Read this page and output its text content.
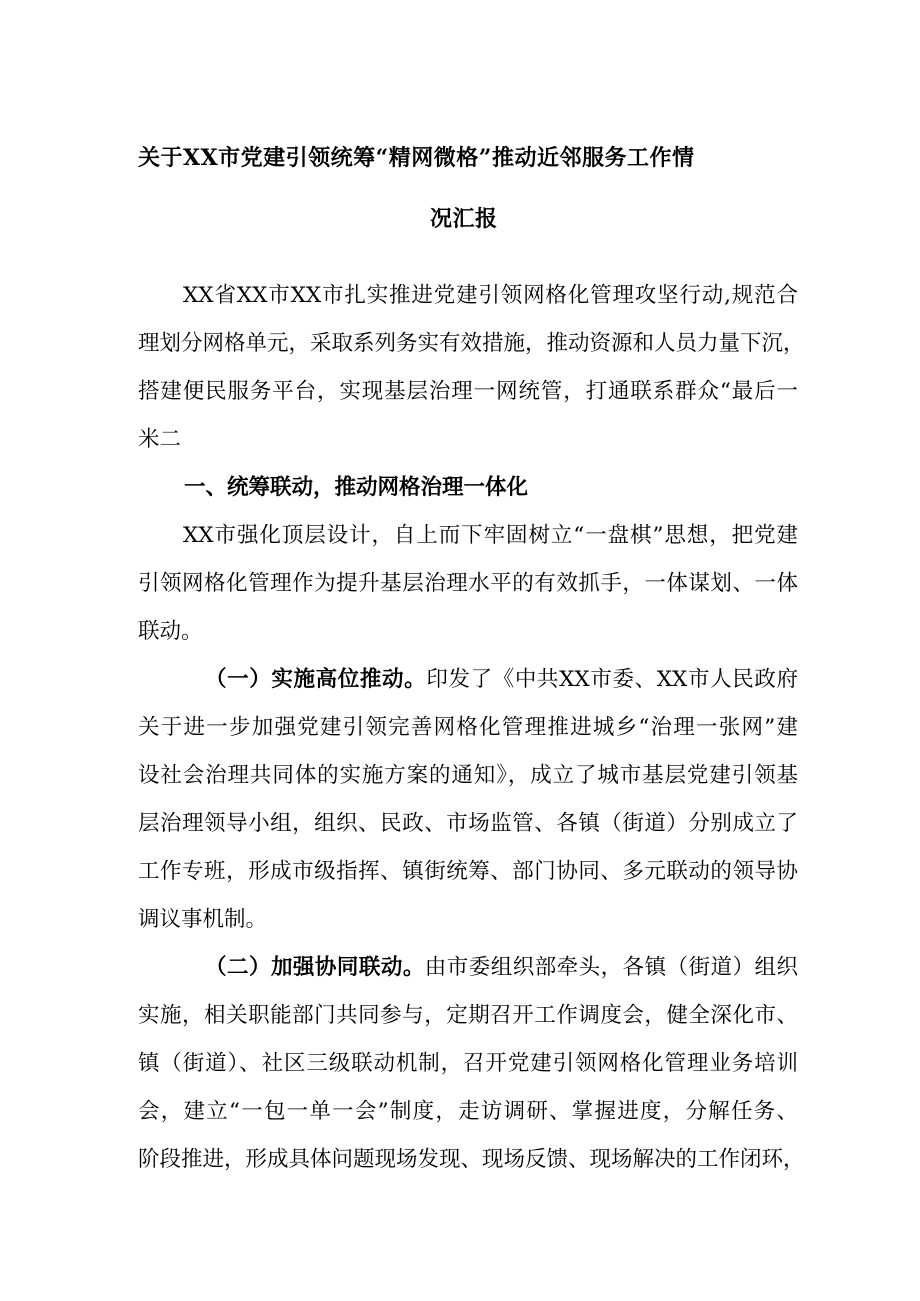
关于XX市党建引领统筹“精网微格”推动近邻服务工作情
况汇报
XX省XX市XX市扎实推进党建引领网格化管理攻坚行动,规范合
理划分网格单元，采取系列务实有效措施，推动资源和人员力量下沉，
搭建便民服务平台，实现基层治理一网统管，打通联系群众“最后一
米二
一、统筹联动，推动网格治理一体化
XX市强化顶层设计，自上而下牢固树立“一盘棋”思想，把党建
引领网格化管理作为提升基层治理水平的有效抓手，一体谋划、一体
联动。
（一）实施高位推动。印发了《中共XX市委、XX市人民政府
关于进一步加强党建引领完善网格化管理推进城乡“治理一张网”建
设社会治理共同体的实施方案的通知》，成立了城市基层党建引领基
层治理领导小组，组织、民政、市场监管、各镇（街道）分别成立了
工作专班，形成市级指挥、镇街统筹、部门协同、多元联动的领导协
调议事机制。
（二）加强协同联动。由市委组织部牵头，各镇（街道）组织
实施，相关职能部门共同参与，定期召开工作调度会，健全深化市、
镇（街道）、社区三级联动机制，召开党建引领网格化管理业务培训
会，建立“一包一单一会”制度，走访调研、掌握进度，分解任务、
阶段推进，形成具体问题现场发现、现场反馈、现场解决的工作闭环，
